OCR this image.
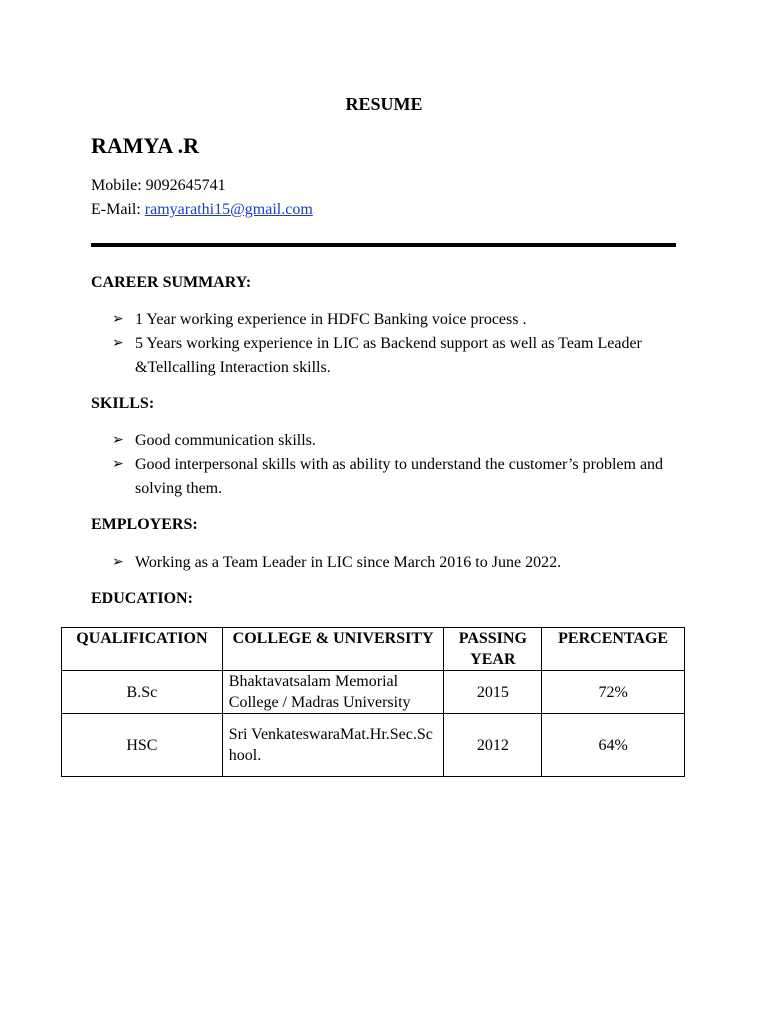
RESUME
RAMYA .R
Mobile: 9092645741
E-Mail: ramyarathi15@gmail.com
CAREER SUMMARY:
➢ 1 Year working experience in HDFC Banking voice process .
➢ 5 Years working experience in LIC as Backend support as well as Team Leader &Tellcalling Interaction skills.
SKILLS:
➢ Good communication skills.
➢ Good interpersonal skills with as ability to understand the customer’s problem and solving them.
EMPLOYERS:
➢ Working as a Team Leader in LIC since March 2016 to June 2022.
EDUCATION:
QUALIFICATION	COLLEGE & UNIVERSITY	PASSING YEAR	PERCENTAGE
B.Sc	Bhaktavatsalam Memorial College / Madras University	2015	72%
HSC	Sri VenkateswaraMat.Hr.Sec.School.	2012	64%
